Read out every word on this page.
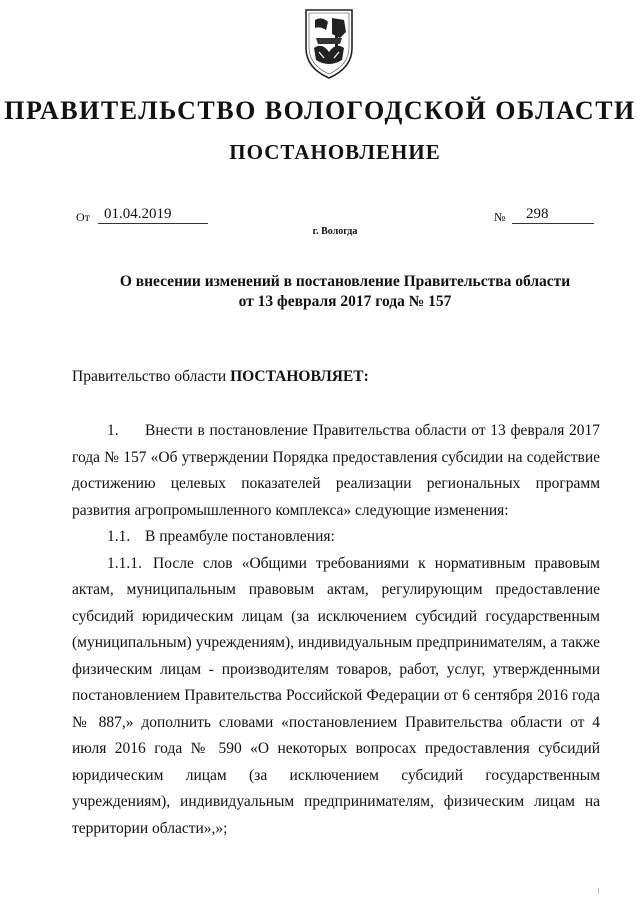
ПРАВИТЕЛЬСТВО ВОЛОГОДСКОЙ ОБЛАСТИ
ПОСТАНОВЛЕНИЕ
От 01.04.2019	№	298
г. Вологда
О внесении изменений в постановление Правительства области
от 13 февраля 2017 года № 157
Правительство области ПОСТАНОВЛЯЕТ:

1. Внести в постановление Правительства области от 13 февраля 2017 года № 157 «Об утверждении Порядка предоставления субсидии на содействие достижению целевых показателей реализации региональных программ развития агропромышленного комплекса» следующие изменения:

1.1. В преамбуле постановления:

1.1.1. После слов «Общими требованиями к нормативным правовым актам, муниципальным правовым актам, регулирующим предоставление субсидий юридическим лицам (за исключением субсидий государственным (муниципальным) учреждениям), индивидуальным предпринимателям, а также физическим лицам - производителям товаров, работ, услуг, утвержденными постановлением Правительства Российской Федерации от 6 сентября 2016 года № 887,» дополнить словами «постановлением Правительства области от 4 июля 2016 года № 590 «О некоторых вопросах предоставления субсидий юридическим лицам (за исключением субсидий государственным учреждениям), индивидуальным предпринимателям, физическим лицам на территории области»,»;
